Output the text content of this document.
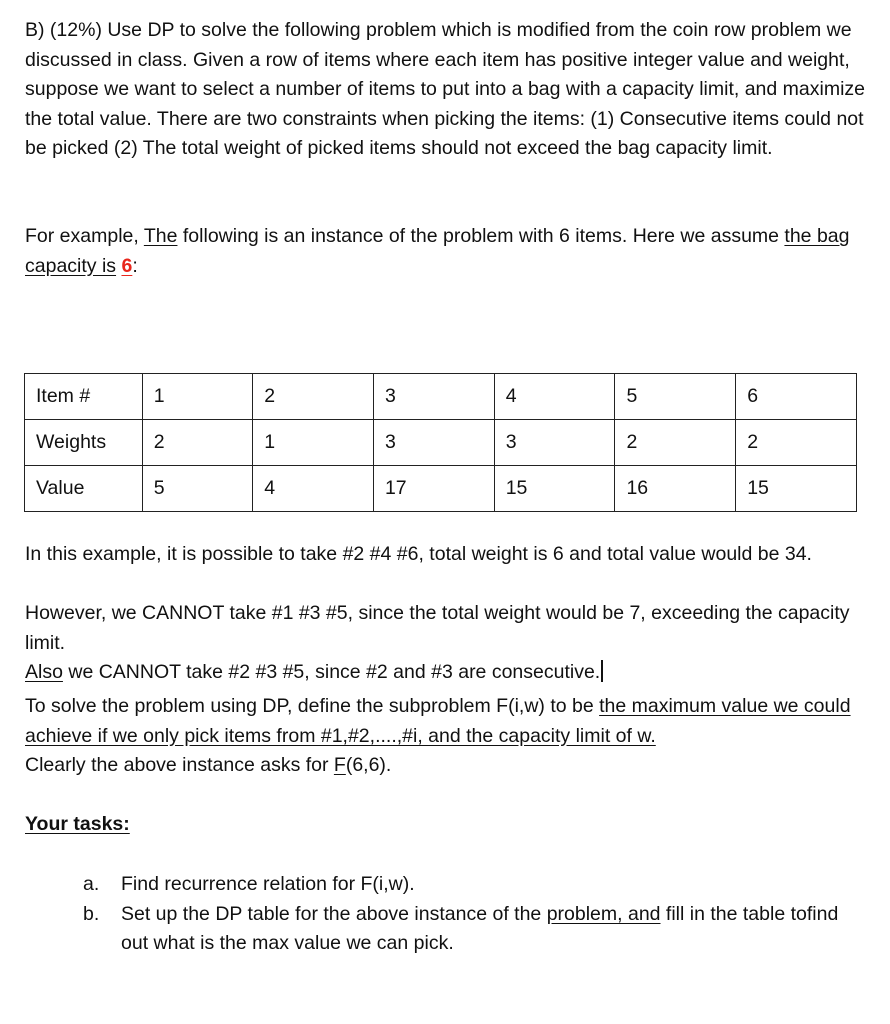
B) (12%) Use DP to solve the following problem which is modified from the coin row problem we discussed in class. Given a row of items where each item has positive integer value and weight, suppose we want to select a number of items to put into a bag with a capacity limit, and maximize the total value. There are two constraints when picking the items: (1) Consecutive items could not be picked (2) The total weight of picked items should not exceed the bag capacity limit.

For example, The following is an instance of the problem with 6 items. Here we assume the bag capacity is 6:

Item #	1	2	3	4	5	6
Weights	2	1	3	3	2	2
Value	5	4	17	15	16	15

In this example, it is possible to take #2 #4 #6, total weight is 6 and total value would be 34.

However, we CANNOT take #1 #3 #5, since the total weight would be 7, exceeding the capacity limit.

Also we CANNOT take #2 #3 #5, since #2 and #3 are consecutive.

To solve the problem using DP, define the subproblem F(i,w) to be the maximum value we could achieve if we only pick items from #1,#2,....,#i, and the capacity limit of w.

Clearly the above instance asks for F(6,6).

Your tasks:

a.	Find recurrence relation for F(i,w).
b.	Set up the DP table for the above instance of the problem, and fill in the table tofind out what is the max value we can pick.
